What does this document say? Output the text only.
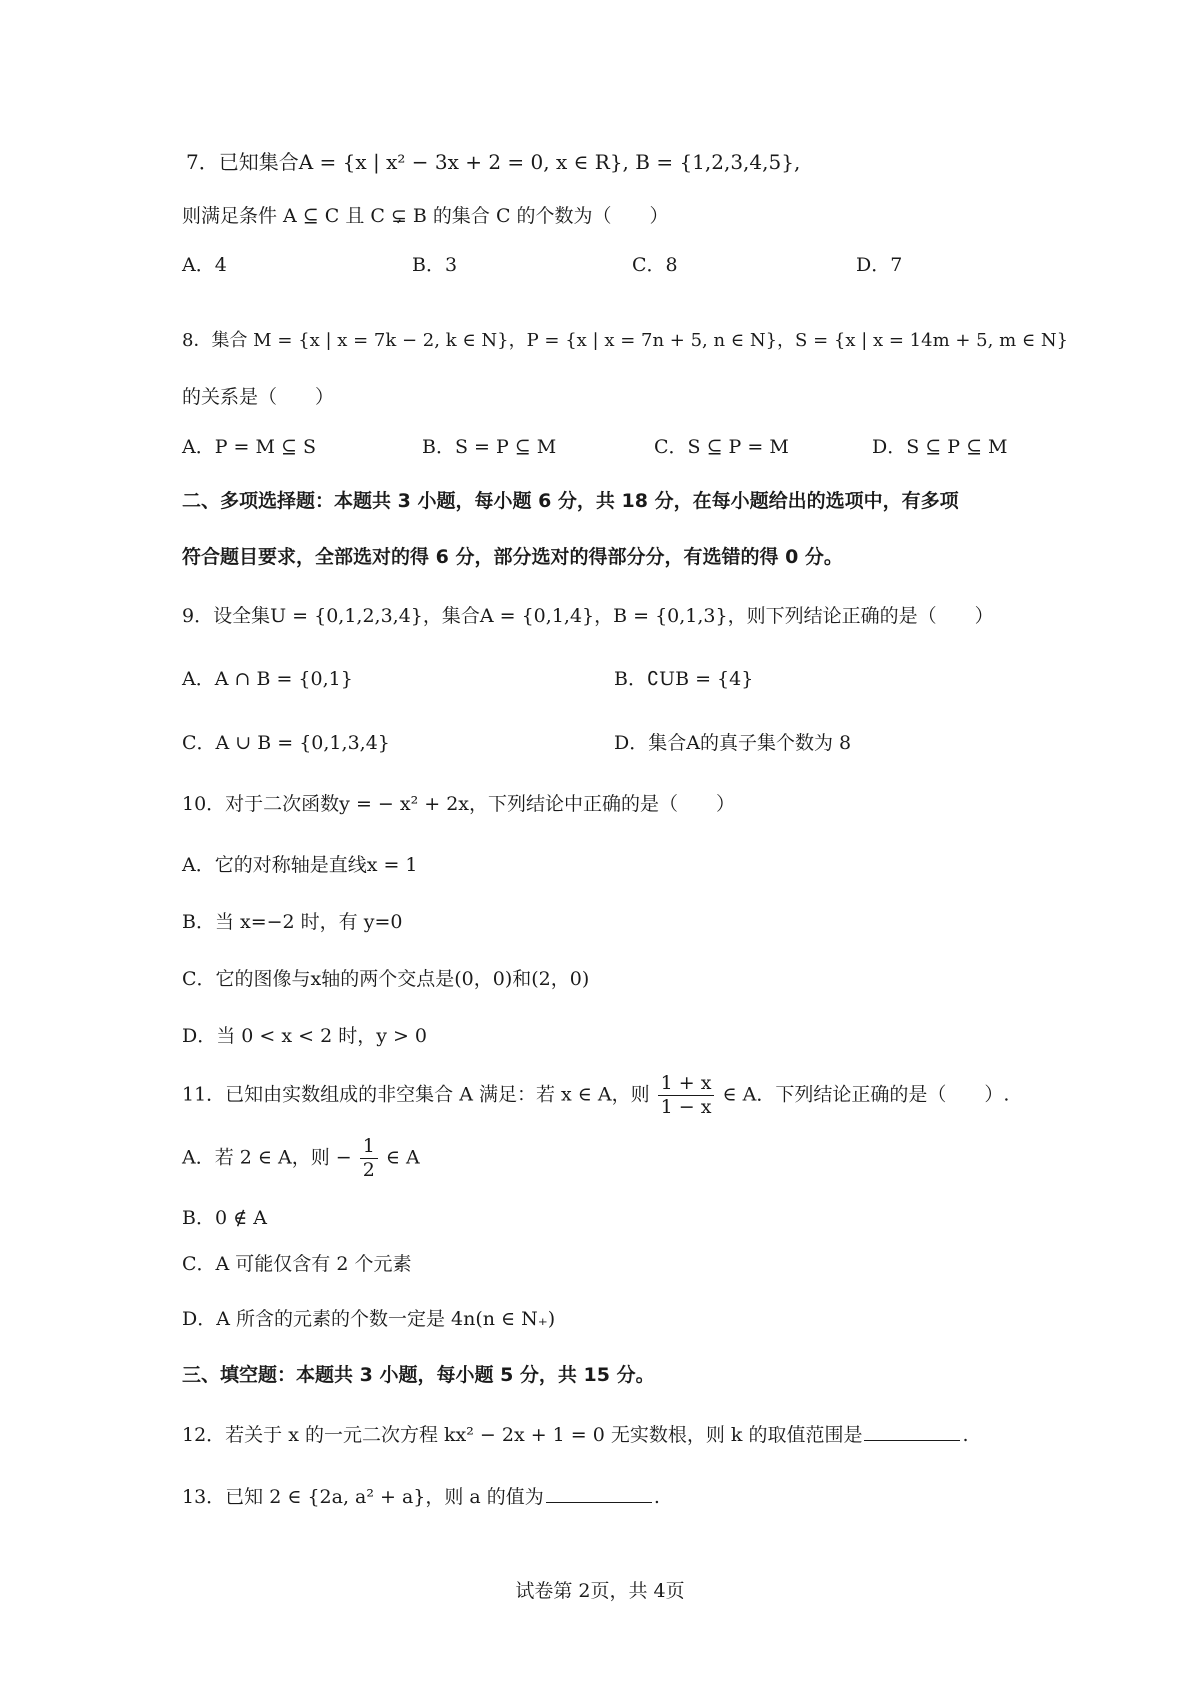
7．已知集合A = {x | x² − 3x + 2 = 0, x ∈ R}, B = {1,2,3,4,5},
则满足条件 A ⊆ C 且 C ⊊ B 的集合 C 的个数为（　　）
A．4	B．3	C．8	D．7
8．集合 M = {x | x = 7k − 2, k ∈ N}，P = {x | x = 7n + 5, n ∈ N}，S = {x | x = 14m + 5, m ∈ N}
的关系是（　　）
A．P = M ⊆ S	B．S = P ⊆ M	C．S ⊆ P = M	D．S ⊆ P ⊆ M
二、多项选择题：本题共 3 小题，每小题 6 分，共 18 分，在每小题给出的选项中，有多项
符合题目要求，全部选对的得 6 分，部分选对的得部分分，有选错的得 0 分。
9．设全集U = {0,1,2,3,4}，集合A = {0,1,4}，B = {0,1,3}，则下列结论正确的是（　　）
A．A ∩ B = {0,1}	B．∁UB = {4}
C．A ∪ B = {0,1,3,4}	D．集合A的真子集个数为 8
10．对于二次函数y = − x² + 2x，下列结论中正确的是（　　）
A．它的对称轴是直线x = 1
B．当 x=−2 时，有 y=0
C．它的图像与x轴的两个交点是(0，0)和(2，0)
D．当 0 < x < 2 时，y > 0
11．已知由实数组成的非空集合 A 满足：若 x ∈ A，则 $\frac{1 + x}{1 - x}$ ∈ A．下列结论正确的是（　　）.
A．若 2 ∈ A，则 − $\frac{1}{2}$ ∈ A
B．0 ∉ A
C．A 可能仅含有 2 个元素
D．A 所含的元素的个数一定是 4n(n ∈ N₊)
三、填空题：本题共 3 小题，每小题 5 分，共 15 分。
12．若关于 x 的一元二次方程 kx² − 2x + 1 = 0 无实数根，则 k 的取值范围是	.
13．已知 2 ∈ {2a, a² + a}，则 a 的值为	.
试卷第 2页，共 4页
